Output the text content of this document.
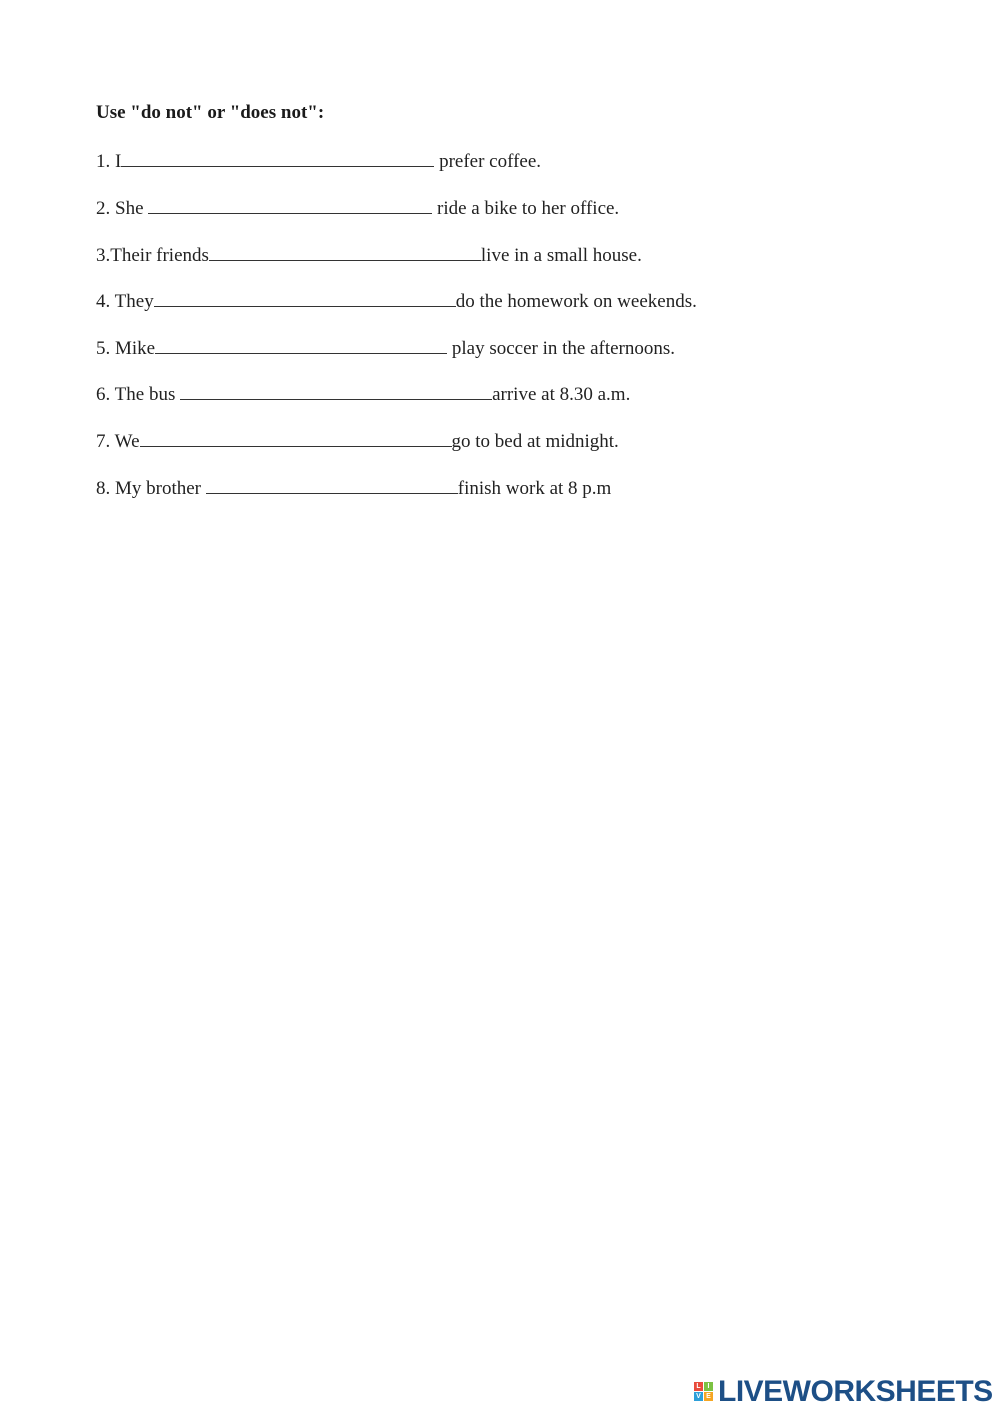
Use "do not" or "does not":
1. I	prefer coffee.
2. She	ride a bike to her office.
3.Their friends	live in a small house.
4. They	do the homework on weekends.
5. Mike	play soccer in the afternoons.
6. The bus	arrive at 8.30 a.m.
7. We	go to bed at midnight.
8. My brother	finish work at 8 p.m
L I
V E LIVEWORKSHEETS
